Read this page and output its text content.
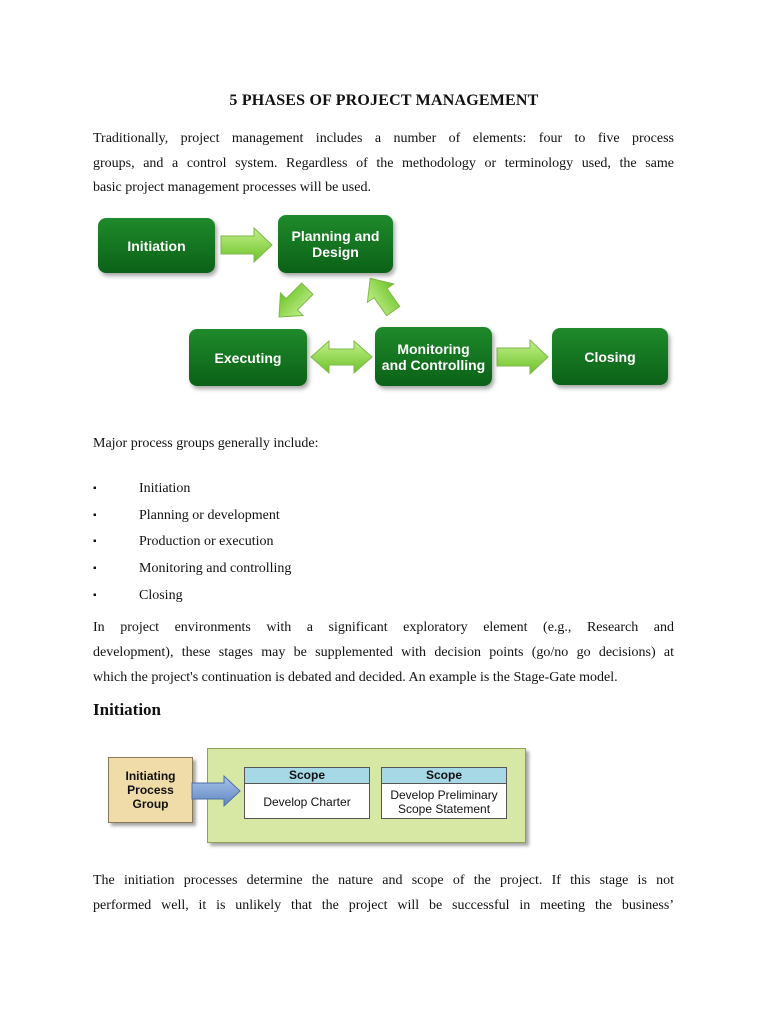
5 PHASES OF PROJECT MANAGEMENT
Traditionally, project management includes a number of elements: four to five process
groups, and a control system. Regardless of the methodology or terminology used, the same
basic project management processes will be used.
Initiation
Planning and
Design
Executing
Monitoring
and Controlling	Closing
Major process groups generally include:
▪	Initiation
▪	Planning or development
▪	Production or execution
▪	Monitoring and controlling
▪	Closing
In project environments with a significant exploratory element (e.g., Research and
development), these stages may be supplemented with decision points (go/no go decisions) at
which the project's continuation is debated and decided. An example is the Stage-Gate model.
Initiation
Initiating
Process
Group
Scope
Develop Charter
Scope
Develop Preliminary
Scope Statement
The initiation processes determine the nature and scope of the project. If this stage is not
performed well, it is unlikely that the project will be successful in meeting the business’
